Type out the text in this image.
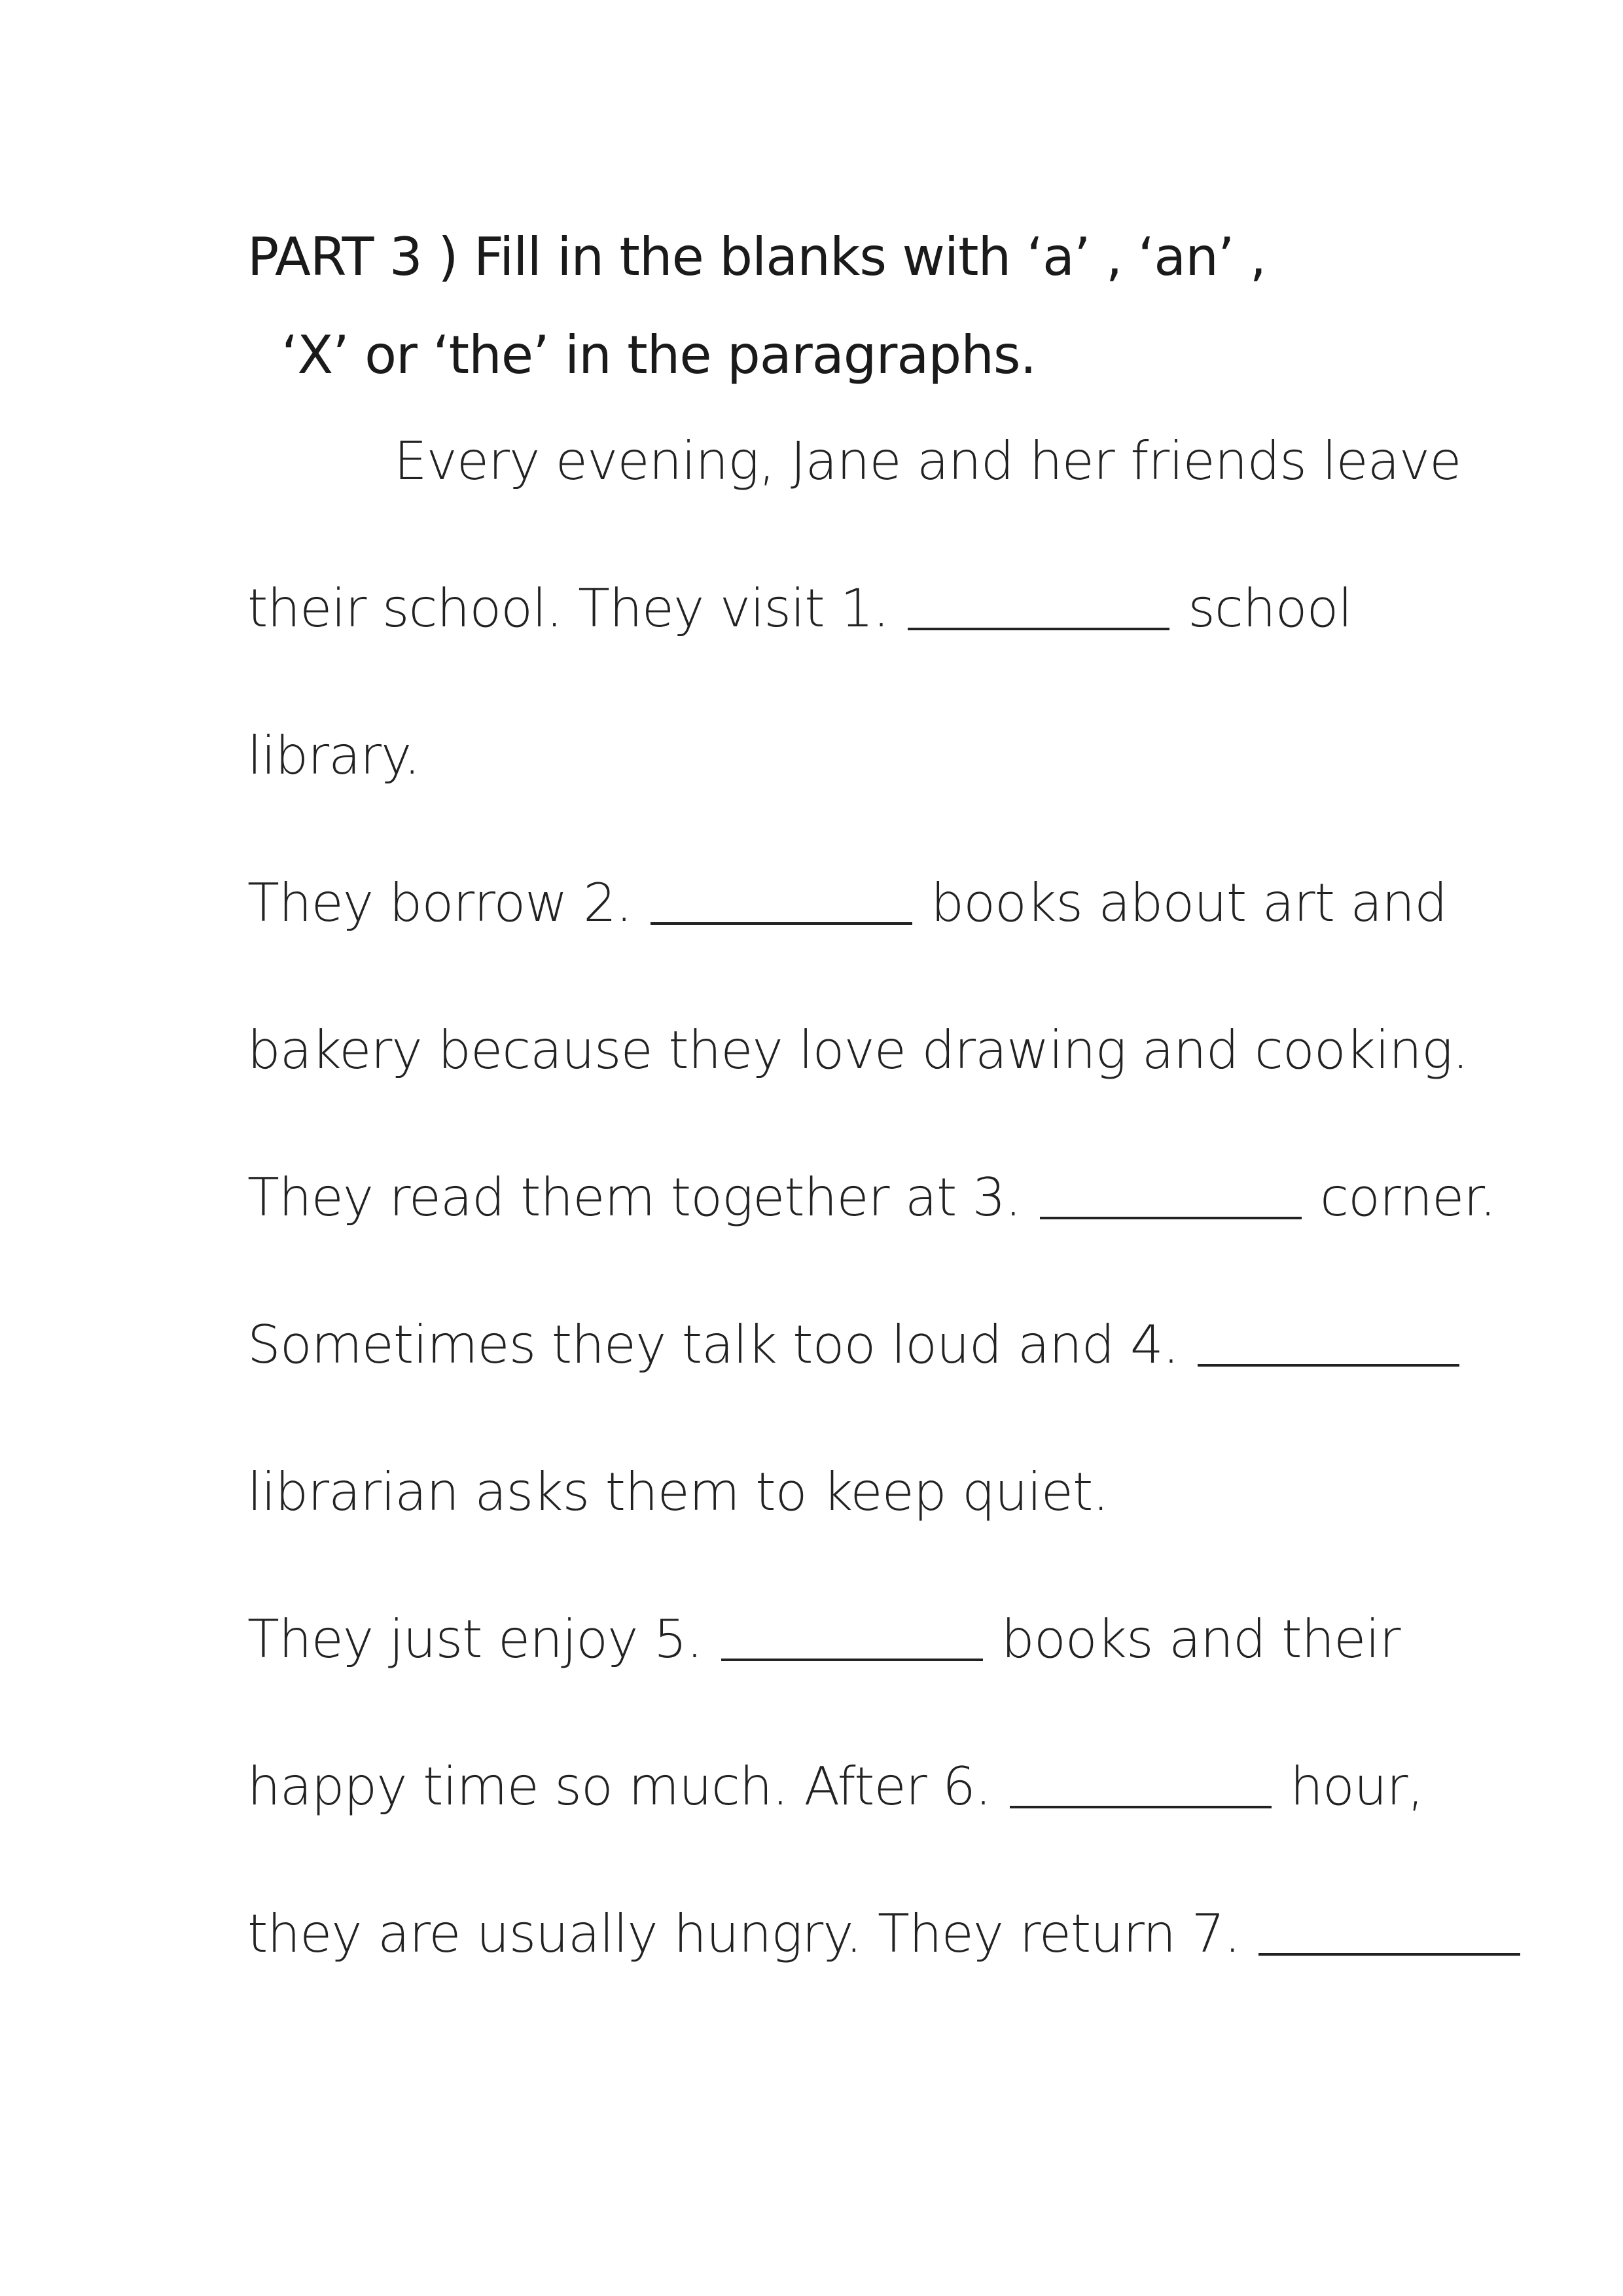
PART 3 ) Fill in the blanks with ‘a’ , ‘an’ ,
‘X’ or ‘the’ in the paragraphs.
Every evening, Jane and her friends leave
their school. They visit 1.	school
library.
They borrow 2.	books about art and
bakery because they love drawing and cooking.
They read them together at 3.	corner.
Sometimes they talk too loud and 4.
librarian asks them to keep quiet.
They just enjoy 5.	books and their
happy time so much. After 6.	hour,
they are usually hungry. They return 7.
